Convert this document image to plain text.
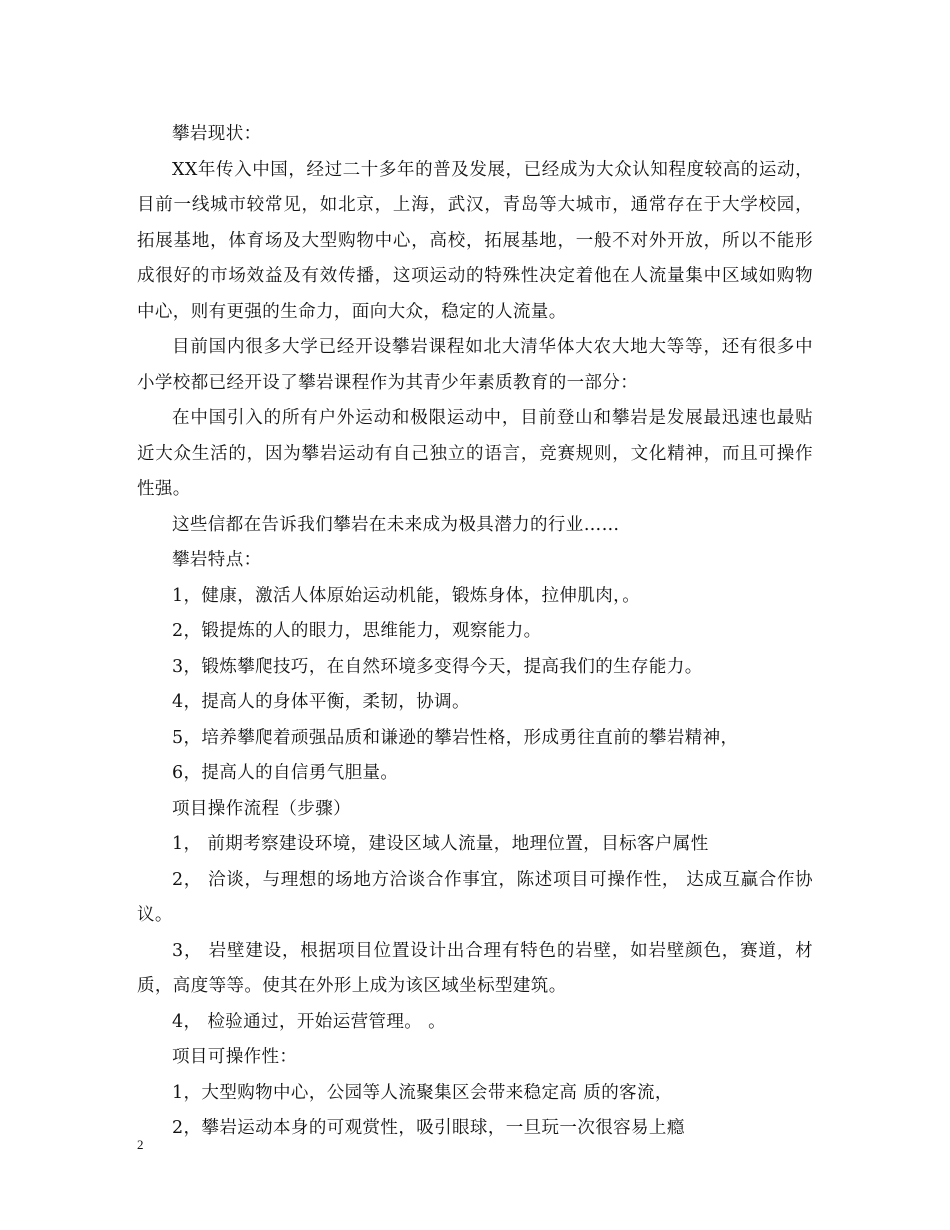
攀岩现状：

XX年传入中国，经过二十多年的普及发展，已经成为大众认知程度较高的运动，目前一线城市较常见，如北京，上海，武汉，青岛等大城市，通常存在于大学校园，拓展基地，体育场及大型购物中心，高校，拓展基地，一般不对外开放，所以不能形成很好的市场效益及有效传播，这项运动的特殊性决定着他在人流量集中区域如购物中心，则有更强的生命力，面向大众，稳定的人流量。

目前国内很多大学已经开设攀岩课程如北大清华体大农大地大等等，还有很多中小学校都已经开设了攀岩课程作为其青少年素质教育的一部分：

在中国引入的所有户外运动和极限运动中，目前登山和攀岩是发展最迅速也最贴近大众生活的，因为攀岩运动有自己独立的语言，竞赛规则，文化精神，而且可操作性强。

这些信都在告诉我们攀岩在未来成为极具潜力的行业……

攀岩特点：

1，健康，激活人体原始运动机能，锻炼身体，拉伸肌肉，。

2，锻提炼的人的眼力，思维能力，观察能力。

3，锻炼攀爬技巧，在自然环境多变得今天，提高我们的生存能力。

4，提高人的身体平衡，柔韧，协调。

5，培养攀爬着顽强品质和谦逊的攀岩性格，形成勇往直前的攀岩精神，

6，提高人的自信勇气胆量。

项目操作流程（步骤）

1， 前期考察建设环境，建设区域人流量，地理位置，目标客户属性

2， 洽谈，与理想的场地方洽谈合作事宜，陈述项目可操作性， 达成互赢合作协议。

3， 岩壁建设，根据项目位置设计出合理有特色的岩壁，如岩壁颜色，赛道，材质，高度等等。使其在外形上成为该区域坐标型建筑。

4， 检验通过，开始运营管理。 。

项目可操作性：

1，大型购物中心，公园等人流聚集区会带来稳定高 质的客流，

2，攀岩运动本身的可观赏性，吸引眼球，一旦玩一次很容易上瘾

2
